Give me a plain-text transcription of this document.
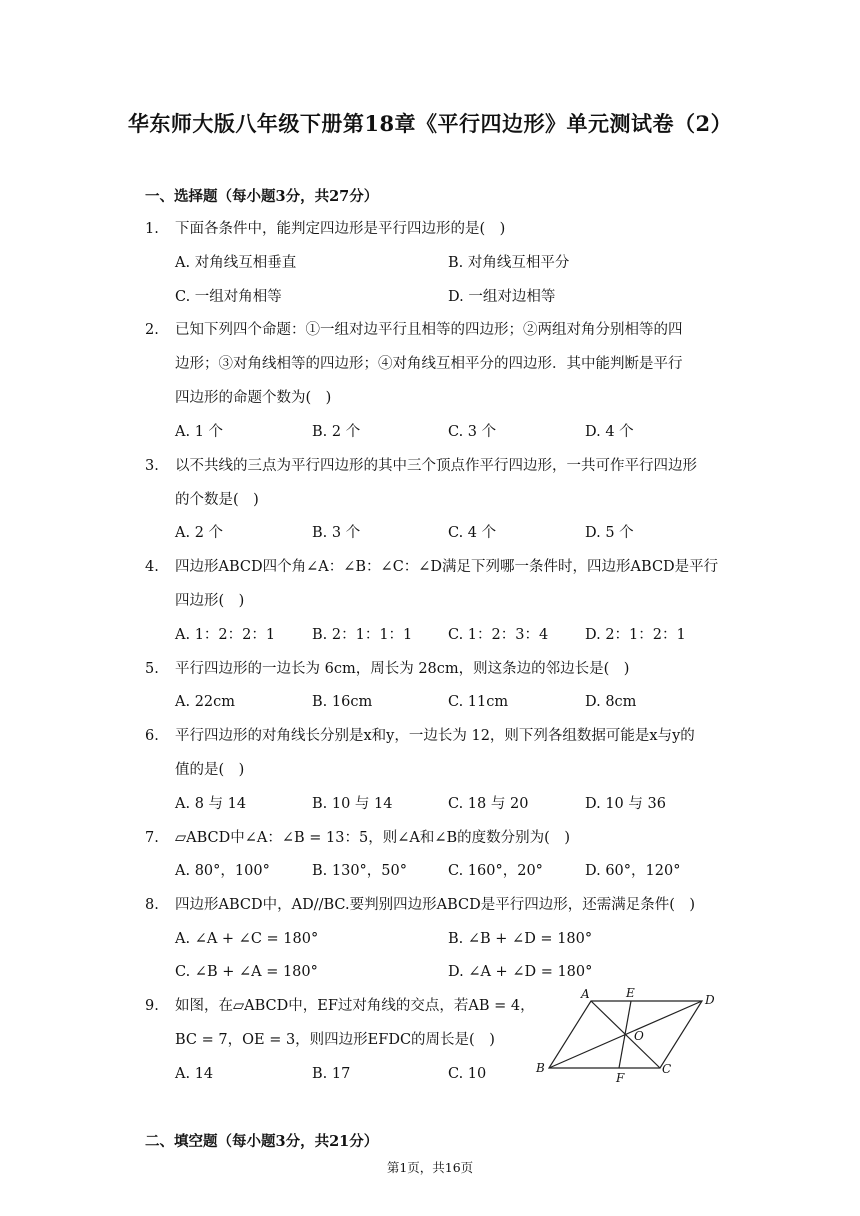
华东师大版八年级下册第18章《平行四边形》单元测试卷（2）
一、选择题（每小题3分，共27分）
1. 下面各条件中，能判定四边形是平行四边形的是(　)
A. 对角线互相垂直	B. 对角线互相平分
C. 一组对角相等	D. 一组对边相等
2. 已知下列四个命题：①一组对边平行且相等的四边形；②两组对角分别相等的四
边形；③对角线相等的四边形；④对角线互相平分的四边形．其中能判断是平行
四边形的命题个数为(　)
A. 1 个	B. 2 个	C. 3 个	D. 4 个
3. 以不共线的三点为平行四边形的其中三个顶点作平行四边形，一共可作平行四边形
的个数是(　)
A. 2 个	B. 3 个	C. 4 个	D. 5 个
4. 四边形ABCD四个角∠A：∠B：∠C：∠D满足下列哪一条件时，四边形ABCD是平行
四边形(　)
A. 1：2：2：1	B. 2：1：1：1 C. 1：2：3：4	D. 2：1：2：1
5. 平行四边形的一边长为 6cm，周长为 28cm，则这条边的邻边长是(　)
A. 22cm	B. 16cm	C. 11cm	D. 8cm
6. 平行四边形的对角线长分别是x和y，一边长为 12，则下列各组数据可能是x与y的
值的是(　)
A. 8 与 14	B. 10 与 14	C. 18 与 20	D. 10 与 36
7. ▱ABCD中∠A：∠B = 13：5，则∠A和∠B的度数分别为(　)
A. 80°，100°	B. 130°，50°	C. 160°，20°	D. 60°，120°
8. 四边形ABCD中，AD//BC.要判别四边形ABCD是平行四边形，还需满足条件(　)
A. ∠A + ∠C = 180°	B. ∠B + ∠D = 180°
C. ∠B + ∠A = 180°	D. ∠A + ∠D = 180°
9. 如图，在▱ABCD中，EF过对角线的交点，若AB = 4，
BC = 7，OE = 3，则四边形EFDC的周长是(　)
A. 14	B. 17	C. 10
A	E	D
O
B
F
C
二、填空题（每小题3分，共21分）
第1页，共16页
